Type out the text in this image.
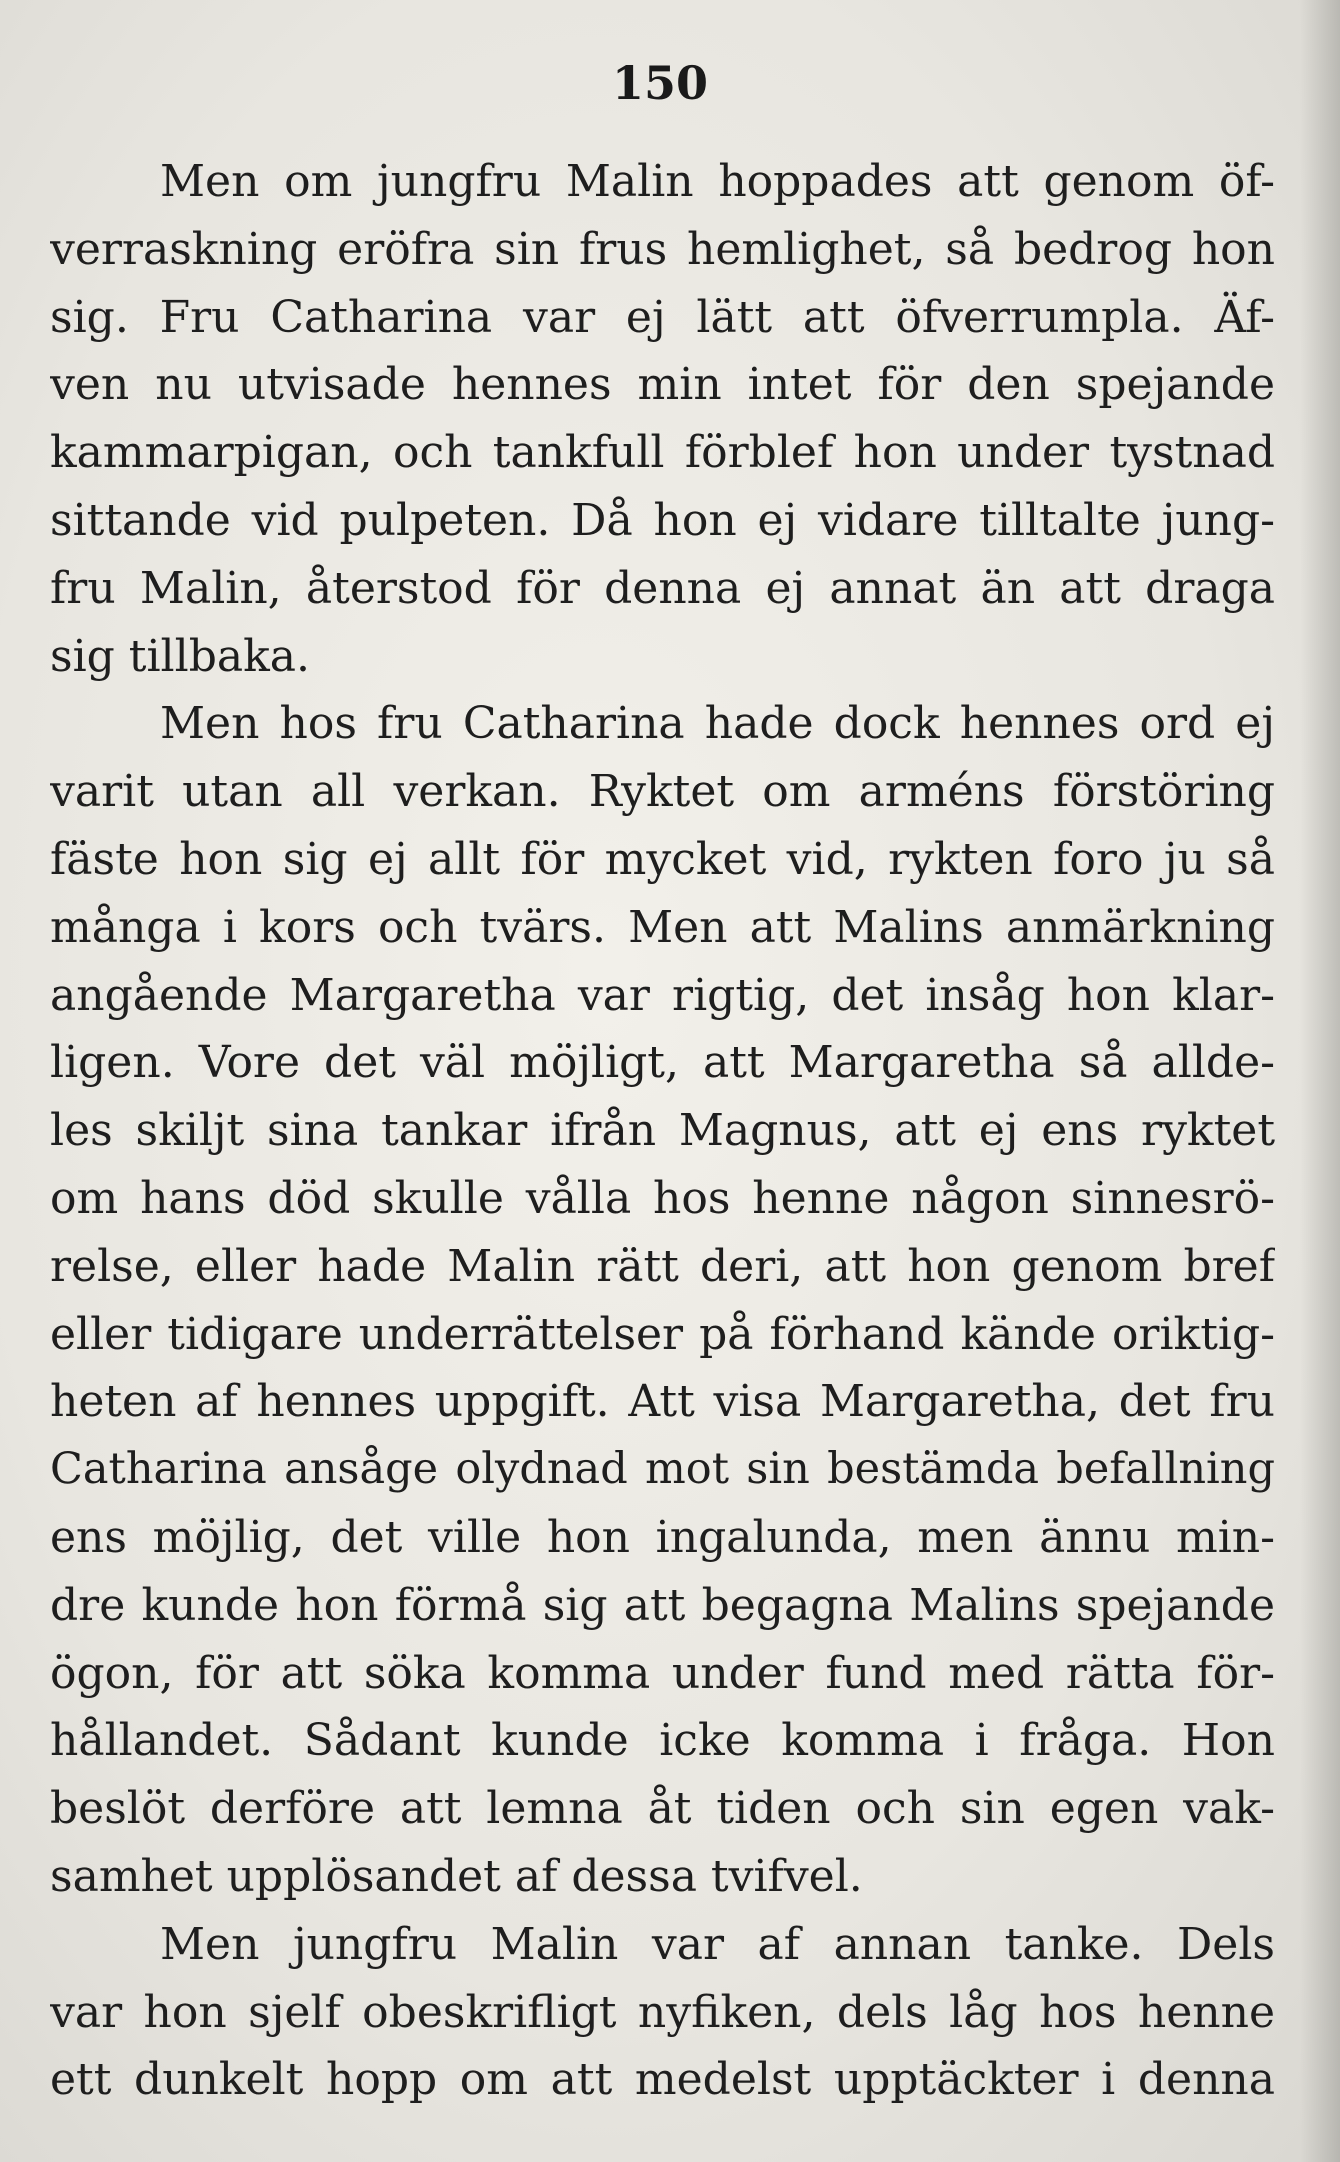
150
Men om jungfru Malin hoppades att genom öf-
verraskning eröfra sin frus hemlighet, så bedrog hon
sig. Fru Catharina var ej lätt att öfverrumpla. Äf-
ven nu utvisade hennes min intet för den spejande
kammarpigan, och tankfull förblef hon under tystnad
sittande vid pulpeten. Då hon ej vidare tilltalte jung-
fru Malin, återstod för denna ej annat än att draga
sig tillbaka.
Men hos fru Catharina hade dock hennes ord ej
varit utan all verkan. Ryktet om arméns förstöring
fäste hon sig ej allt för mycket vid, rykten foro ju så
många i kors och tvärs. Men att Malins anmärkning
angående Margaretha var rigtig, det insåg hon klar-
ligen. Vore det väl möjligt, att Margaretha så allde-
les skiljt sina tankar ifrån Magnus, att ej ens ryktet
om hans död skulle vålla hos henne någon sinnesrö-
relse, eller hade Malin rätt deri, att hon genom bref
eller tidigare underrättelser på förhand kände oriktig-
heten af hennes uppgift. Att visa Margaretha, det fru
Catharina ansåge olydnad mot sin bestämda befallning
ens möjlig, det ville hon ingalunda, men ännu min-
dre kunde hon förmå sig att begagna Malins spejande
ögon, för att söka komma under fund med rätta för-
hållandet. Sådant kunde icke komma i fråga. Hon
beslöt derföre att lemna åt tiden och sin egen vak-
samhet upplösandet af dessa tvifvel.
Men jungfru Malin var af annan tanke. Dels
var hon sjelf obeskrifligt nyfiken, dels låg hos henne
ett dunkelt hopp om att medelst upptäckter i denna
